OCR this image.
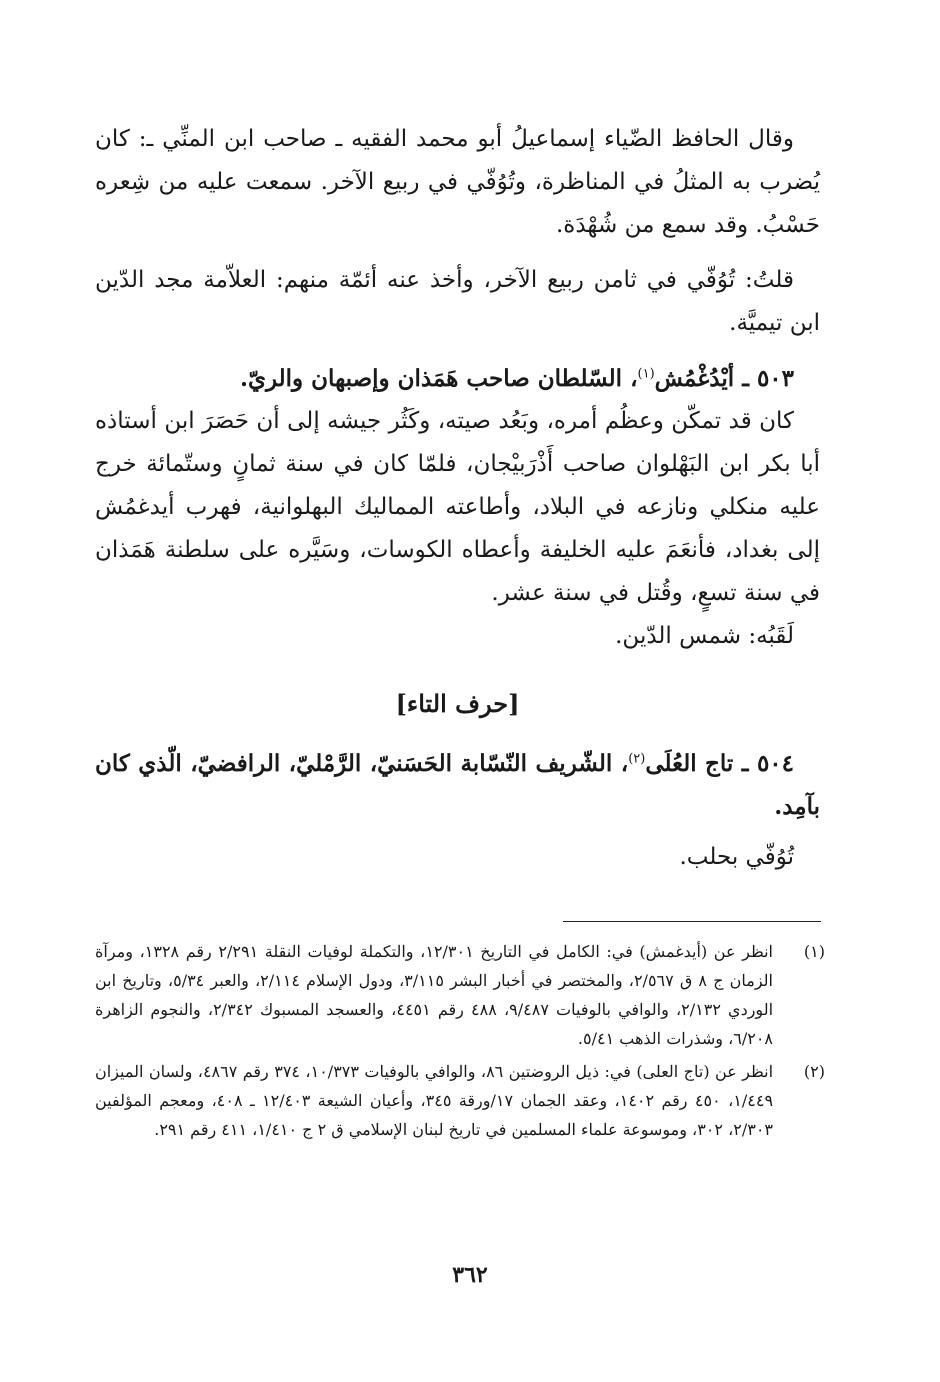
وقال الحافظ الضّياء إسماعيلُ أبو محمد الفقيه ـ صاحب ابن المنِّي ـ: كان يُضرب به المثلُ في المناظرة، وتُوُفّي في ربيع الآخر. سمعت عليه من شِعره حَسْبُ. وقد سمع من شُهْدَة.

قلتُ: تُوُفّي في ثامن ربيع الآخر، وأخذ عنه أئمّة منهم: العلاّمة مجد الدّين ابن تيميَّة.

٥٠٣ ـ أيْدُغْمُش$^{(١)}$، السّلطان صاحب هَمَذان وإصبهان والريّ.

كان قد تمكّن وعظُم أمره، وبَعُد صيته، وكَثُر جيشه إلى أن حَصَرَ ابن أستاذه أبا بكر ابن البَهْلوان صاحب أَذْرَبيْجان، فلمّا كان في سنة ثمانٍ وستّمائة خرج عليه منكلي ونازعه في البلاد، وأطاعته المماليك البهلوانية، فهرب أيدغمُش إلى بغداد، فأنعَمَ عليه الخليفة وأعطاه الكوسات، وسَيَّره على سلطنة هَمَذان في سنة تسعٍ، وقُتل في سنة عشر.

لَقَبُه: شمس الدّين.

[حرف التاء]

٥٠٤ ـ تاج العُلَى$^{(٢)}$، الشّريف النّسّابة الحَسَنيّ، الرَّمْليّ، الرافضيّ، الّذي كان بآمِد.

تُوُفّي بحلب.

(١)
انظر عن (أيدغمش) في: الكامل في التاريخ ١٢/٣٠١، والتكملة لوفيات النقلة ٢/٢٩١ رقم ١٣٢٨، ومرآة الزمان ج ٨ ق ٢/٥٦٧، والمختصر في أخبار البشر ٣/١١٥، ودول الإسلام ٢/١١٤، والعبر ٥/٣٤، وتاريخ ابن الوردي ٢/١٣٢، والوافي بالوفيات ٩/٤٨٧، ٤٨٨ رقم ٤٤٥١، والعسجد المسبوك ٢/٣٤٢، والنجوم الزاهرة ٦/٢٠٨، وشذرات الذهب ٥/٤١.
(٢)
انظر عن (تاج العلى) في: ذيل الروضتين ٨٦، والوافي بالوفيات ١٠/٣٧٣، ٣٧٤ رقم ٤٨٦٧، ولسان الميزان ١/٤٤٩، ٤٥٠ رقم ١٤٠٢، وعقد الجمان ١٧/ورقة ٣٤٥، وأعيان الشيعة ١٢/٤٠٣ ـ ٤٠٨، ومعجم المؤلفين ٢/٣٠٣، ٣٠٢، وموسوعة علماء المسلمين في تاريخ لبنان الإسلامي ق ٢ ج ١/٤١٠، ٤١١ رقم ٢٩١.
٣٦٢
